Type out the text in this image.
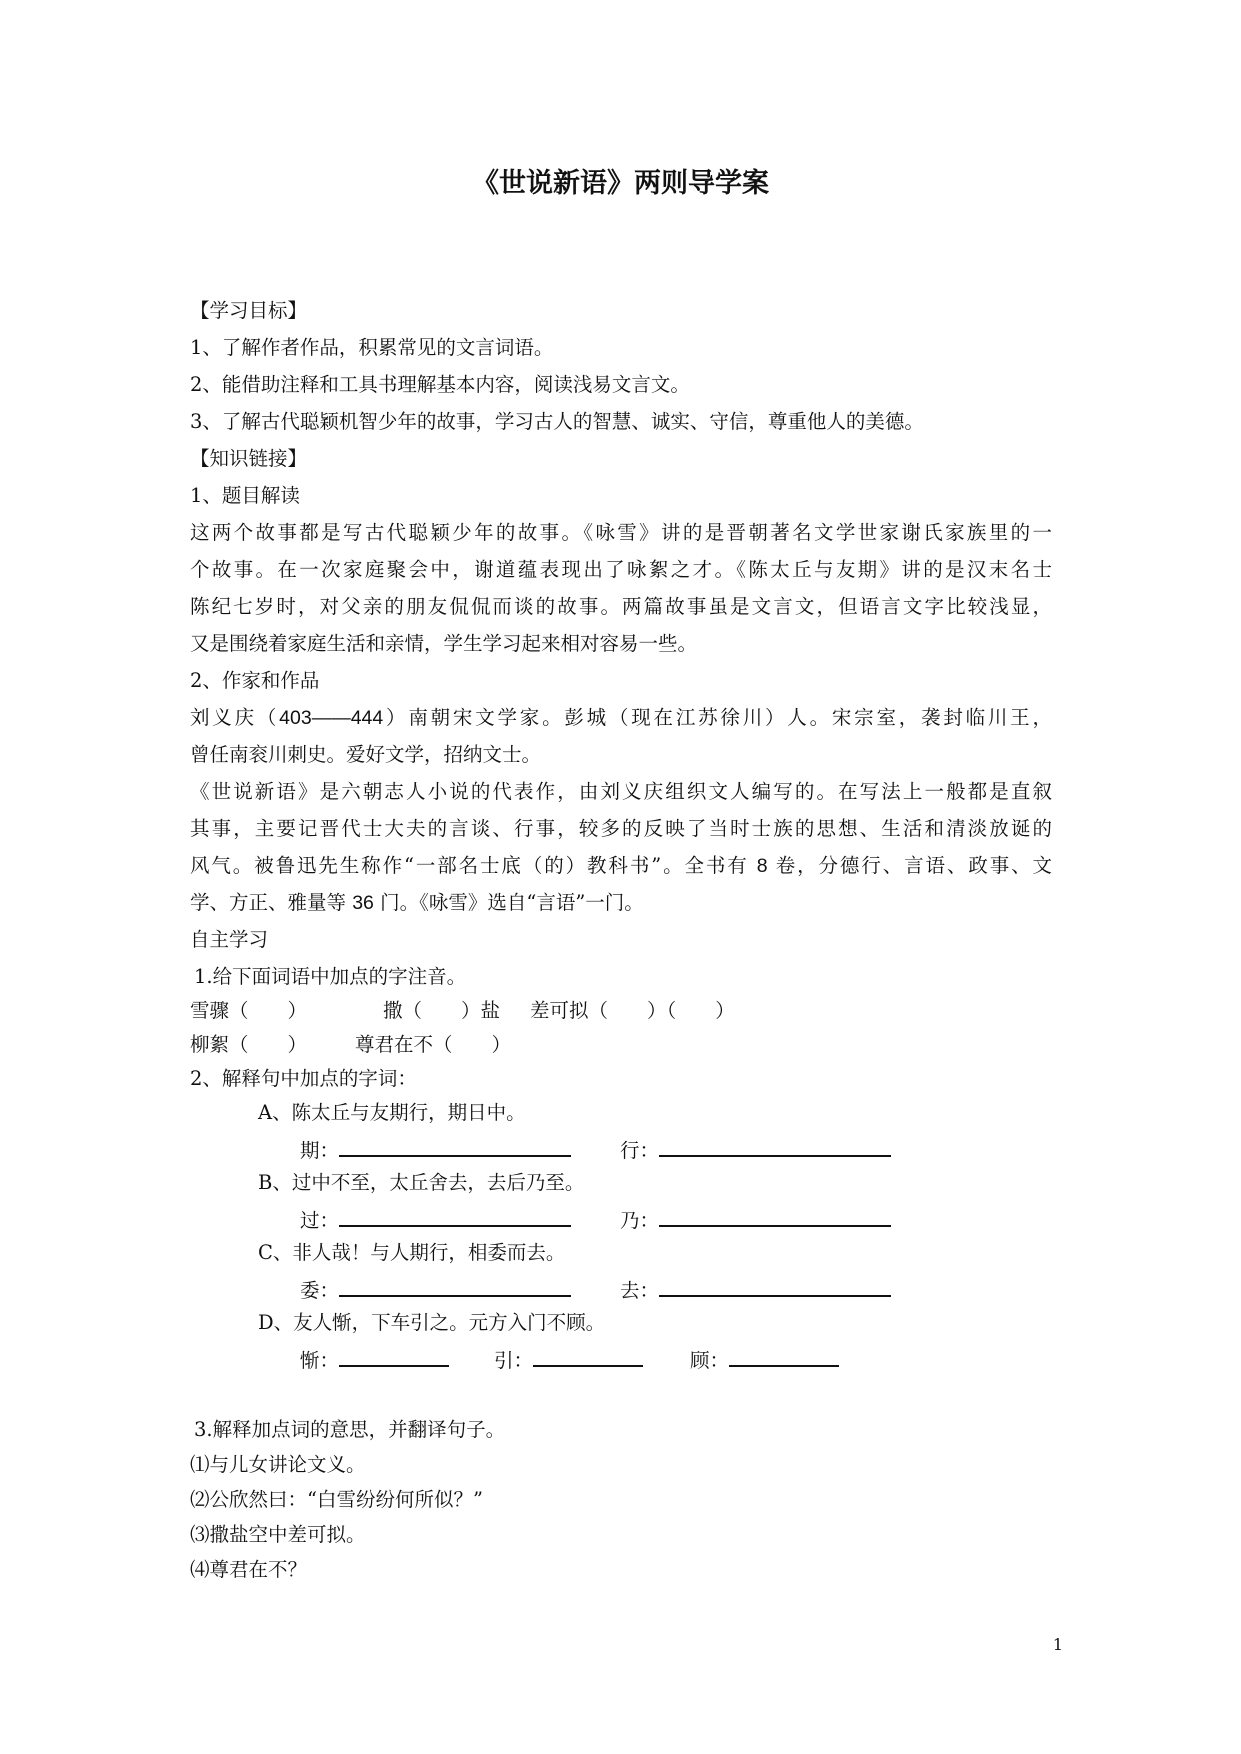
《世说新语》两则导学案

【学习目标】

1、了解作者作品，积累常见的文言词语。

2、能借助注释和工具书理解基本内容，阅读浅易文言文。

3、了解古代聪颖机智少年的故事，学习古人的智慧、诚实、守信，尊重他人的美德。

【知识链接】

1、题目解读

这两个故事都是写古代聪颖少年的故事。《咏雪》讲的是晋朝著名文学世家谢氏家族里的一

个故事。在一次家庭聚会中，谢道蕴表现出了咏絮之才。《陈太丘与友期》讲的是汉末名士

陈纪七岁时，对父亲的朋友侃侃而谈的故事。两篇故事虽是文言文，但语言文字比较浅显，

又是围绕着家庭生活和亲情，学生学习起来相对容易一些。

2、作家和作品

刘义庆（403——444）南朝宋文学家。彭城（现在江苏徐川）人。宋宗室，袭封临川王，

曾任南衮川刺史。爱好文学，招纳文士。

《世说新语》是六朝志人小说的代表作，由刘义庆组织文人编写的。在写法上一般都是直叙

其事，主要记晋代士大夫的言谈、行事，较多的反映了当时士族的思想、生活和清淡放诞的

风气。被鲁迅先生称作“一部名士底（的）教科书”。全书有 8 卷，分德行、言语、政事、文

学、方正、雅量等 36 门。《咏雪》选自“言语”一门。

自主学习

1.给下面词语中加点的字注音。

雪骤（　　）	撒（　　）盐 差可拟（　　）（　　）

柳絮（　　） 尊君在不（　　）

2、解释句中加点的字词：

A、陈太丘与友期行，期日中。

期：	行：

B、过中不至，太丘舍去，去后乃至。

过：	乃：

C、非人哉！与人期行，相委而去。

委：	去：

D、友人惭，下车引之。元方入门不顾。

惭：	引：	顾：

3.解释加点词的意思，并翻译句子。

⑴与儿女讲论文义。

⑵公欣然曰：“白雪纷纷何所似？”

⑶撒盐空中差可拟。

⑷尊君在不？

1
